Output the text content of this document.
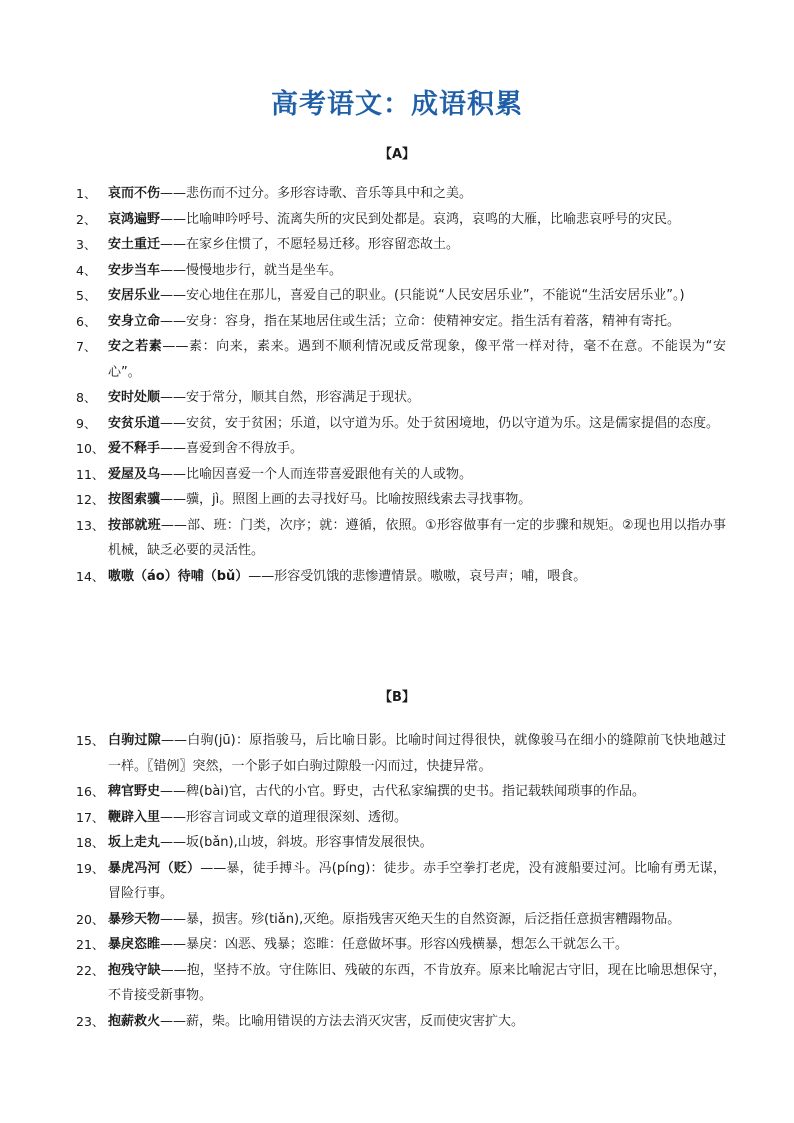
高考语文：成语积累
【A】
1、 哀而不伤——悲伤而不过分。多形容诗歌、音乐等具中和之美。
2、 哀鸿遍野——比喻呻吟呼号、流离失所的灾民到处都是。哀鸿，哀鸣的大雁，比喻悲哀呼号的灾民。
3、 安土重迁——在家乡住惯了，不愿轻易迁移。形容留恋故土。
4、 安步当车——慢慢地步行，就当是坐车。
5、 安居乐业——安心地住在那儿，喜爱自己的职业。(只能说“人民安居乐业”，不能说“生活安居乐业”。)
6、 安身立命——安身：容身，指在某地居住或生活；立命：使精神安定。指生活有着落，精神有寄托。
7、 安之若素——素：向来，素来。遇到不顺利情况或反常现象，像平常一样对待，毫不在意。不能误为“安心”。
8、 安时处顺——安于常分，顺其自然，形容满足于现状。
9、 安贫乐道——安贫，安于贫困；乐道，以守道为乐。处于贫困境地，仍以守道为乐。这是儒家提倡的态度。
10、 爱不释手——喜爱到舍不得放手。
11、 爱屋及乌——比喻因喜爱一个人而连带喜爱跟他有关的人或物。
12、 按图索骥——骥，jì。照图上画的去寻找好马。比喻按照线索去寻找事物。
13、 按部就班——部、班：门类，次序；就：遵循，依照。①形容做事有一定的步骤和规矩。②现也用以指办事机械，缺乏必要的灵活性。
14、 嗷嗷（áo）待哺（bǔ）——形容受饥饿的悲惨遭情景。嗷嗷，哀号声；哺，喂食。
【B】
15、 白驹过隙——白驹(jū)：原指骏马，后比喻日影。比喻时间过得很快，就像骏马在细小的缝隙前飞快地越过一样。〖错例〗突然，一个影子如白驹过隙般一闪而过，快捷异常。
16、 稗官野史——稗(bài)官，古代的小官。野史，古代私家编撰的史书。指记载轶闻琐事的作品。
17、 鞭辟入里——形容言词或文章的道理很深刻、透彻。
18、 坂上走丸——坂(bǎn),山坡，斜坡。形容事情发展很快。
19、 暴虎冯河（贬）——暴，徒手搏斗。冯(píng)：徒步。赤手空拳打老虎，没有渡船要过河。比喻有勇无谋，冒险行事。
20、 暴殄天物——暴，损害。殄(tiǎn),灭绝。原指残害灭绝天生的自然资源，后泛指任意损害糟蹋物品。
21、 暴戾恣睢——暴戾：凶恶、残暴；恣睢：任意做坏事。形容凶残横暴，想怎么干就怎么干。
22、 抱残守缺——抱，坚持不放。守住陈旧、残破的东西，不肯放弃。原来比喻泥古守旧，现在比喻思想保守，不肯接受新事物。
23、 抱薪救火——薪，柴。比喻用错误的方法去消灭灾害，反而使灾害扩大。
